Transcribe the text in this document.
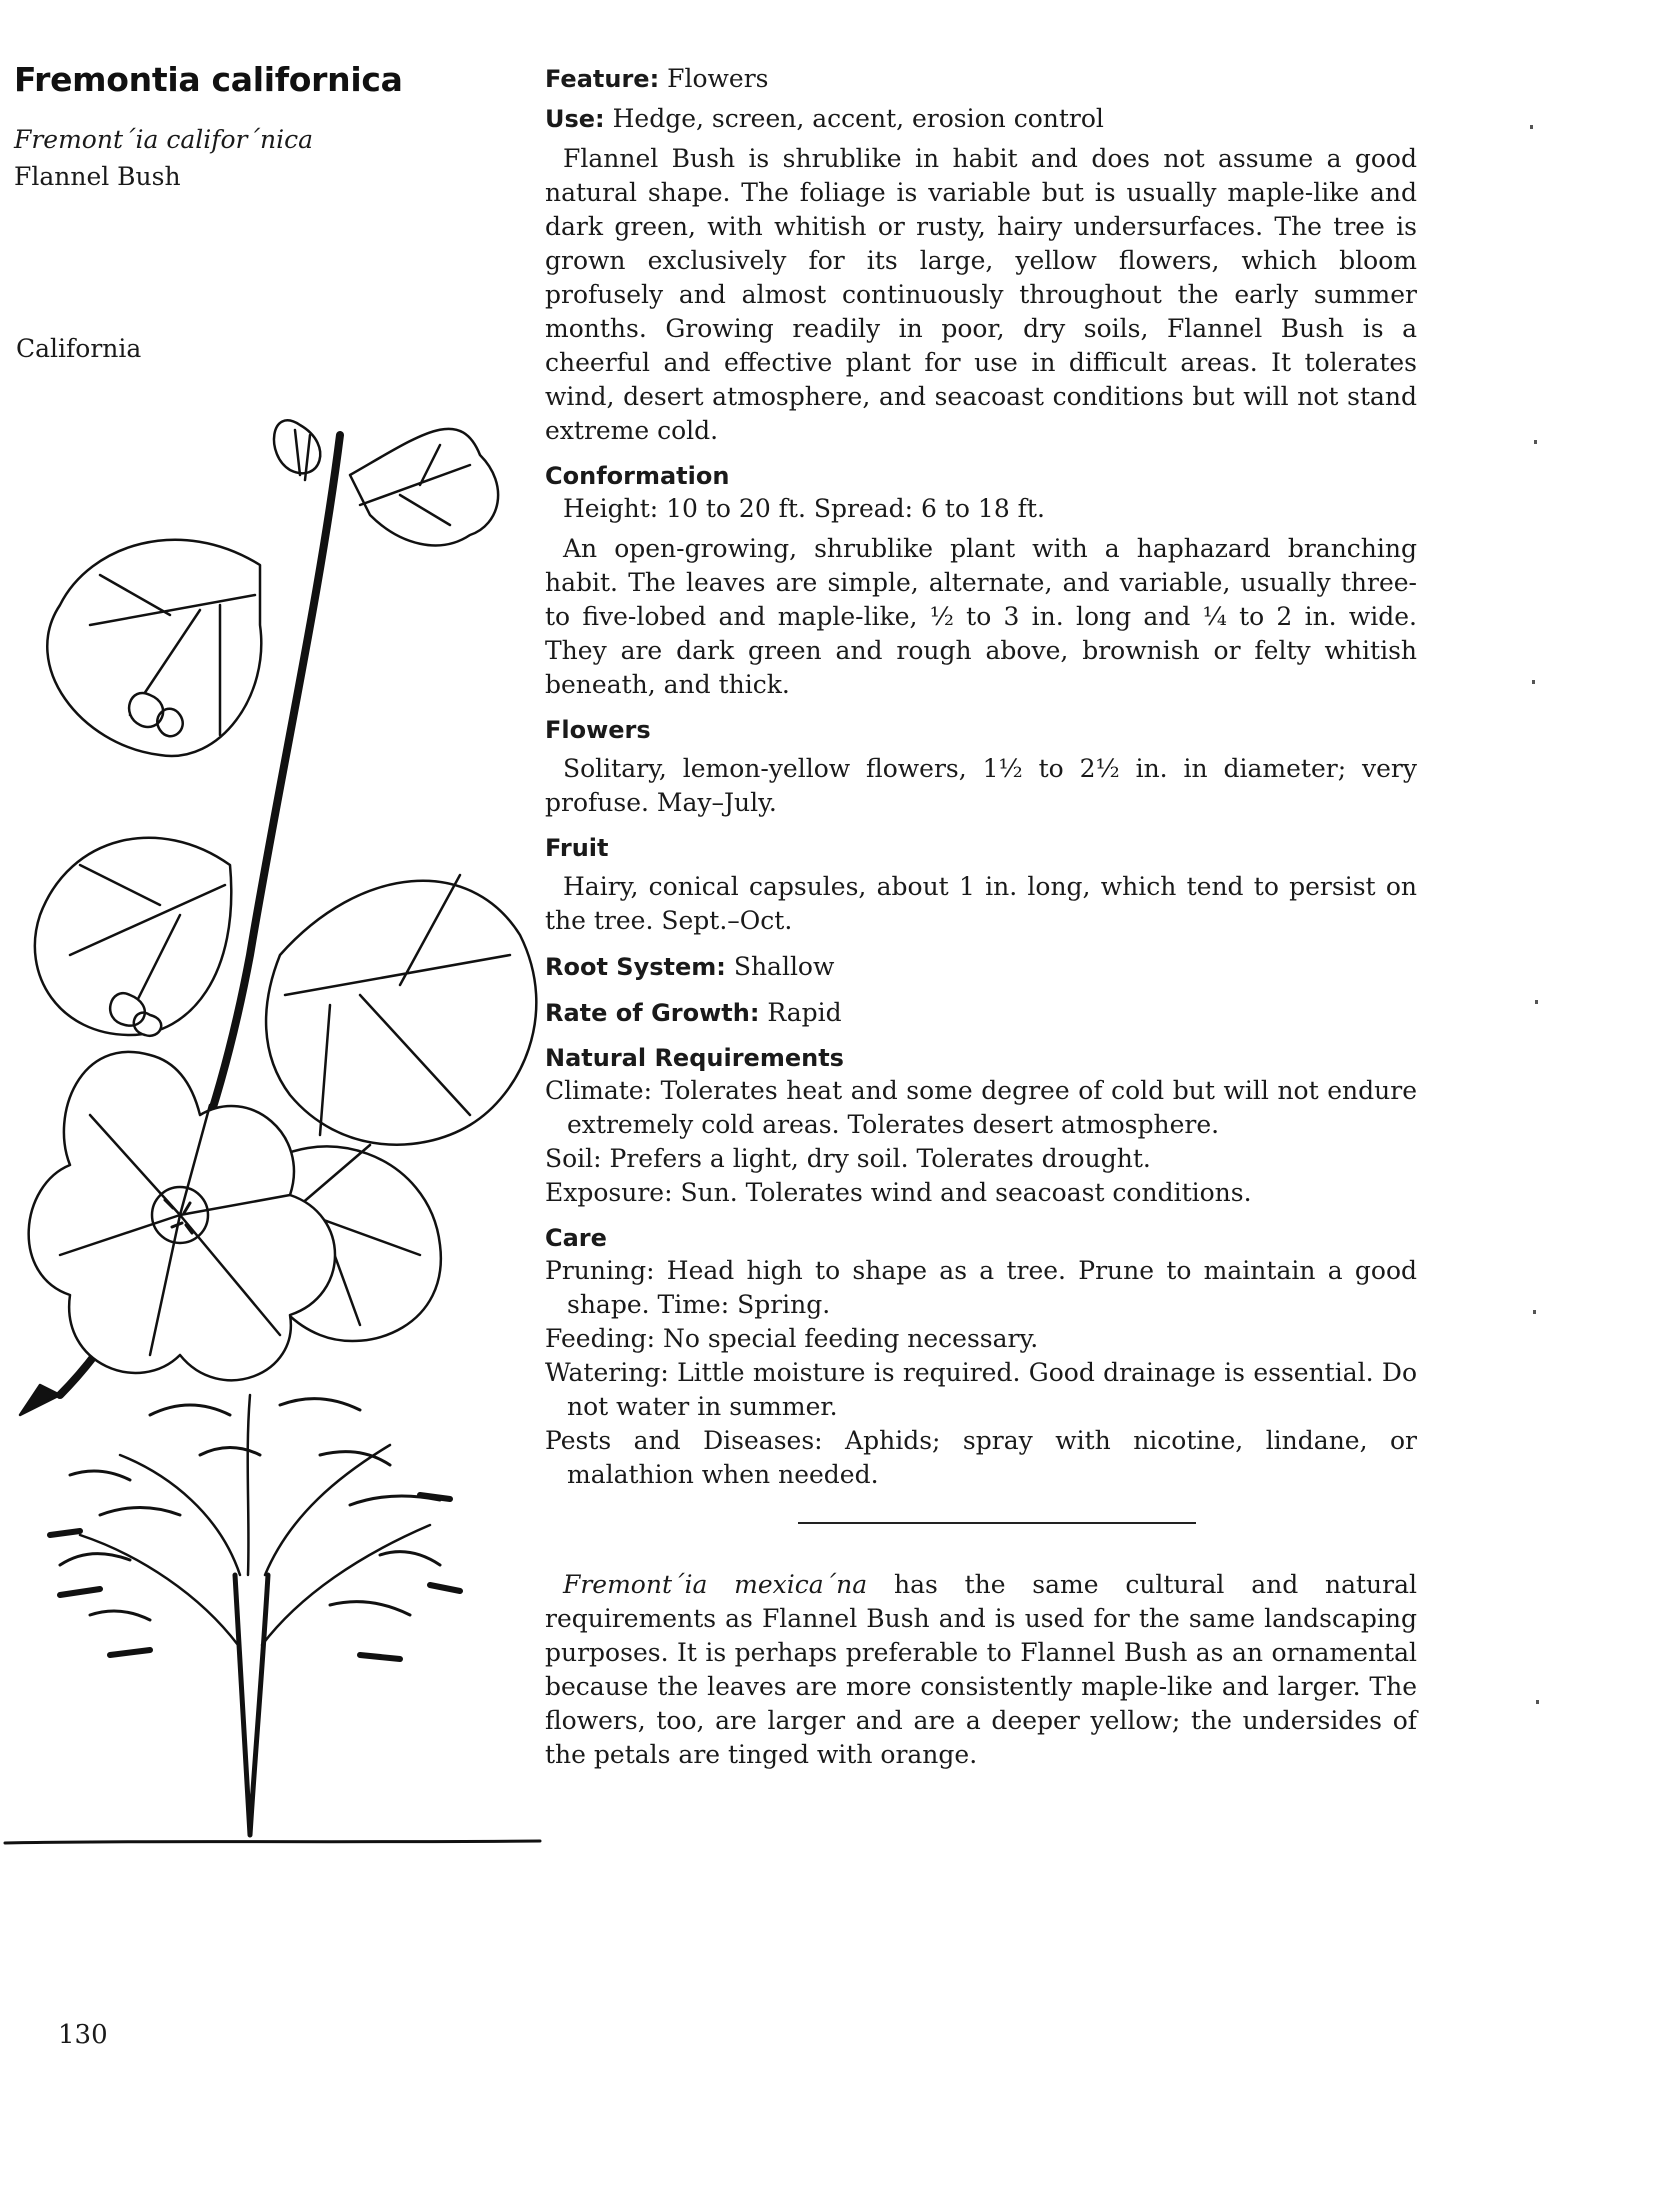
Fremontia californica
Fremont´ia califor´nica
Flannel Bush
California
130

Feature: Flowers

Use: Hedge, screen, accent, erosion control

Flannel Bush is shrublike in habit and does not assume a good natural shape. The foliage is variable but is usually maple-like and dark green, with whitish or rusty, hairy undersurfaces. The tree is grown exclusively for its large, yellow flowers, which bloom profusely and almost continuously throughout the early summer months. Growing readily in poor, dry soils, Flannel Bush is a cheerful and effective plant for use in difficult areas. It tolerates wind, desert atmosphere, and seacoast conditions but will not stand extreme cold.

Conformation

Height: 10 to 20 ft. Spread: 6 to 18 ft.

An open-growing, shrublike plant with a haphazard branching habit. The leaves are simple, alternate, and variable, usually three- to five-lobed and maple-like, ½ to 3 in. long and ¼ to 2 in. wide. They are dark green and rough above, brownish or felty whitish beneath, and thick.

Flowers

Solitary, lemon-yellow flowers, 1½ to 2½ in. in diameter; very profuse. May–July.

Fruit

Hairy, conical capsules, about 1 in. long, which tend to persist on the tree. Sept.–Oct.

Root System: Shallow

Rate of Growth: Rapid

Natural Requirements

Climate: Tolerates heat and some degree of cold but will not endure extremely cold areas. Tolerates desert atmosphere.

Soil: Prefers a light, dry soil. Tolerates drought.

Exposure: Sun. Tolerates wind and seacoast conditions.

Care

Pruning: Head high to shape as a tree. Prune to maintain a good shape. Time: Spring.

Feeding: No special feeding necessary.

Watering: Little moisture is required. Good drainage is essential. Do not water in summer.

Pests and Diseases: Aphids; spray with nicotine, lindane, or malathion when needed.

Fremont´ia mexica´na has the same cultural and natural requirements as Flannel Bush and is used for the same landscaping purposes. It is perhaps preferable to Flannel Bush as an ornamental because the leaves are more consistently maple-like and larger. The flowers, too, are larger and are a deeper yellow; the undersides of the petals are tinged with orange.
